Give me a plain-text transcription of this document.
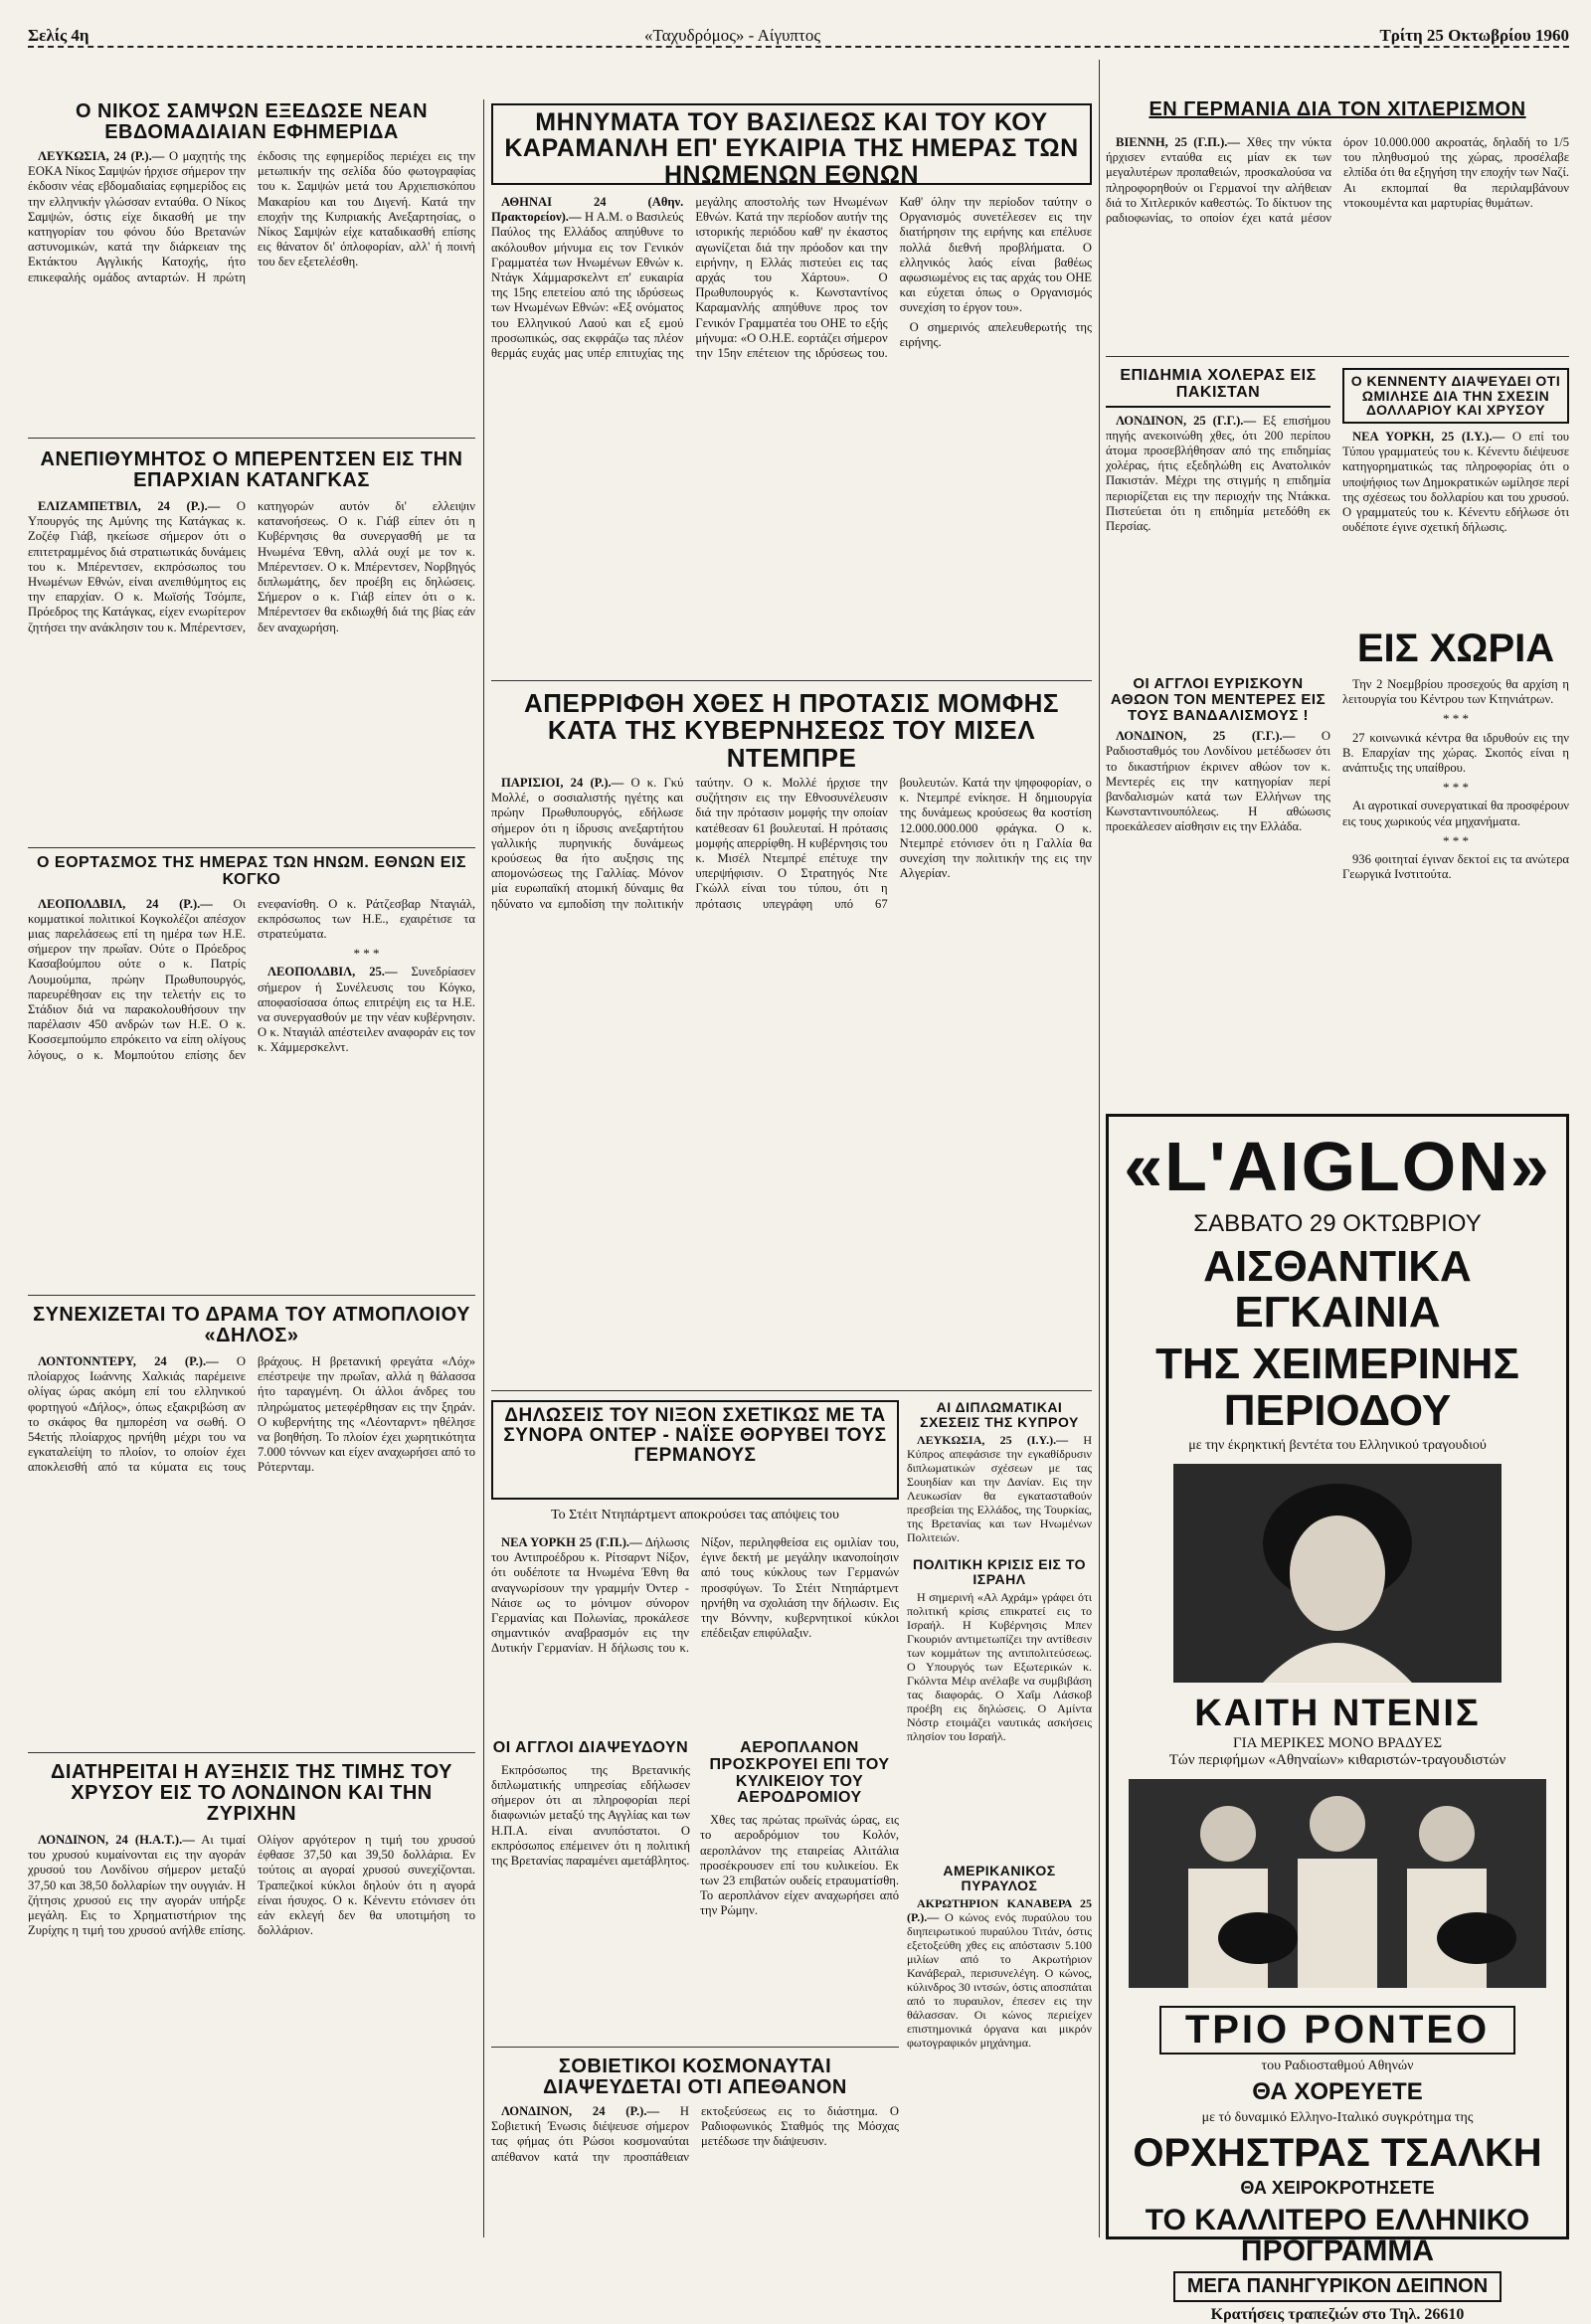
Σελίς 4η	«Ταχυδρόμος» - Αίγυπτος	Τρίτη 25 Οκτωβρίου 1960
Ο ΝΙΚΟΣ ΣΑΜΨΩΝ ΕΞΕΔΩΣΕ ΝΕΑΝ ΕΒΔΟΜΑΔΙΑΙΑΝ ΕΦΗΜΕΡΙΔΑ

ΛΕΥΚΩΣΙΑ, 24 (Ρ.).— Ο μαχητής της ΕΟΚΑ Νίκος Σαμψών ήρχισε σήμερον την έκδοσιν νέας εβδομαδιαίας εφημερίδος εις την ελληνικήν γλώσσαν ενταύθα. Ο Νίκος Σαμψών, όστις είχε δικασθή με την κατηγορίαν του φόνου δύο Βρετανών αστυνομικών, κατά την διάρκειαν της Εκτάκτου Αγγλικής Κατοχής, ήτο επικεφαλής ομάδος ανταρτών. Η πρώτη έκδοσις της εφημερίδος περιέχει εις την μετωπικήν της σελίδα δύο φωτογραφίας του κ. Σαμψών μετά του Αρχιεπισκόπου Μακαρίου και του Διγενή. Κατά την εποχήν της Κυπριακής Ανεξαρτησίας, ο Νίκος Σαμψών είχε καταδικασθή επίσης εις θάνατον δι' όπλοφορίαν, αλλ' ή ποινή του δεν εξετελέσθη.

ΑΝΕΠΙΘΥΜΗΤΟΣ Ο ΜΠΕΡΕΝΤΣΕΝ ΕΙΣ ΤΗΝ ΕΠΑΡΧΙΑΝ ΚΑΤΑΝΓΚΑΣ

ΕΛΙΖΑΜΠΕΤΒΙΛ, 24 (Ρ.).— Ο Υπουργός της Αμύνης της Κατάγκας κ. Ζοζέφ Γιάβ, ηκείωσε σήμερον ότι ο επιτετραμμένος διά στρατιωτικάς δυνάμεις του κ. Μπέρεντσεν, εκπρόσωπος του Ηνωμένων Εθνών, είναι ανεπιθύμητος εις την επαρχίαν. Ο κ. Μωϊσής Τσόμπε, Πρόεδρος της Κατάγκας, είχεν ενωρίτερον ζητήσει την ανάκλησιν του κ. Μπέρεντσεν, κατηγορών αυτόν δι' ελλειψιν κατανοήσεως. Ο κ. Γιάβ είπεν ότι η Κυβέρνησις θα συνεργασθή με τα Ηνωμένα Έθνη, αλλά ουχί με τον κ. Μπέρεντσεν. Ο κ. Μπέρεντσεν, Νορβηγός διπλωμάτης, δεν προέβη εις δηλώσεις. Σήμερον ο κ. Γιάβ είπεν ότι ο κ. Μπέρεντσεν θα εκδιωχθή διά της βίας εάν δεν αναχωρήση.

Ο ΕΟΡΤΑΣΜΟΣ ΤΗΣ ΗΜΕΡΑΣ ΤΩΝ ΗΝΩΜ. ΕΘΝΩΝ ΕΙΣ ΚΟΓΚΟ

ΛΕΟΠΟΛΔΒΙΛ, 24 (Ρ.).— Οι κομματικοί πολιτικοί Κογκολέζοι απέσχον μιας παρελάσεως επί τη ημέρα των Η.Ε. σήμερον την πρωΐαν. Ούτε ο Πρόεδρος Κασαβούμπου ούτε ο κ. Πατρίς Λουμούμπα, πρώην Πρωθυπουργός, παρευρέθησαν εις την τελετήν εις το Στάδιον διά να παρακολουθήσουν την παρέλασιν 450 ανδρών των Η.Ε. Ο κ. Κοσσεμπούμπο επρόκειτο να είπη ολίγους λόγους, ο κ. Μομπούτου επίσης δεν ενεφανίσθη. Ο κ. Ράτζεσβαρ Νταγιάλ, εκπρόσωπος των Η.Ε., εχαιρέτισε τα στρατεύματα.

* * *

ΛΕΟΠΟΛΔΒΙΛ, 25.— Συνεδρίασεν σήμερον ή Συνέλευσις του Κόγκο, αποφασίσασα όπως επιτρέψη εις τα Η.Ε. να συνεργασθούν με την νέαν κυβέρνησιν. Ο κ. Νταγιάλ απέστειλεν αναφοράν εις τον κ. Χάμμερσκελντ.

ΣΥΝΕΧΙΖΕΤΑΙ ΤΟ ΔΡΑΜΑ ΤΟΥ ΑΤΜΟΠΛΟΙΟΥ «ΔΗΛΟΣ»

ΛΟΝΤΟΝΝΤΕΡΥ, 24 (Ρ.).— Ο πλοίαρχος Ιωάννης Χαλκιάς παρέμεινε ολίγας ώρας ακόμη επί του ελληνικού φορτηγού «Δήλος», όπως εξακριβώση αν το σκάφος θα ημπορέση να σωθή. Ο 54ετής πλοίαρχος ηρνήθη μέχρι του να εγκαταλείψη το πλοίον, το οποίον έχει αποκλεισθή από τα κύματα εις τους βράχους. Η βρετανική φρεγάτα «Λόχ» επέστρεψε την πρωΐαν, αλλά η θάλασσα ήτο ταραγμένη. Οι άλλοι άνδρες του πληρώματος μετεφέρθησαν εις την ξηράν. Ο κυβερνήτης της «Λέονταρντ» ηθέλησε να βοηθήση. Το πλοίον έχει χωρητικότητα 7.000 τόννων και είχεν αναχωρήσει από το Ρότερνταμ.

ΔΙΑΤΗΡΕΙΤΑΙ Η ΑΥΞΗΣΙΣ ΤΗΣ ΤΙΜΗΣ ΤΟΥ ΧΡΥΣΟΥ ΕΙΣ ΤΟ ΛΟΝΔΙΝΟΝ ΚΑΙ ΤΗΝ ΖΥΡΙΧΗΝ

ΛΟΝΔΙΝΟΝ, 24 (Η.Α.Τ.).— Αι τιμαί του χρυσού κυμαίνονται εις την αγοράν χρυσού του Λονδίνου σήμερον μεταξύ 37,50 και 38,50 δολλαρίων την ουγγιάν. Η ζήτησις χρυσού εις την αγοράν υπήρξε μεγάλη. Εις το Χρηματιστήριον της Ζυρίχης η τιμή του χρυσού ανήλθε επίσης. Ολίγον αργότερον η τιμή του χρυσού έφθασε 37,50 και 39,50 δολλάρια. Εν τούτοις αι αγοραί χρυσού συνεχίζονται. Τραπεζικοί κύκλοι δηλούν ότι η αγορά είναι ήσυχος. Ο κ. Κένεντυ ετόνισεν ότι εάν εκλεγή δεν θα υποτιμήση το δολλάριον.

ΜΗΝΥΜΑΤΑ ΤΟΥ ΒΑΣΙΛΕΩΣ ΚΑΙ ΤΟΥ ΚΟΥ ΚΑΡΑΜΑΝΛΗ ΕΠ' ΕΥΚΑΙΡΙΑ ΤΗΣ ΗΜΕΡΑΣ ΤΩΝ ΗΝΩΜΕΝΩΝ ΕΘΝΩΝ

ΑΘΗΝΑΙ 24 (Αθην. Πρακτορείον).— Η Α.Μ. ο Βασιλεύς Παύλος της Ελλάδος απηύθυνε το ακόλουθον μήνυμα εις τον Γενικόν Γραμματέα των Ηνωμένων Εθνών κ. Ντάγκ Χάμμαρσκελντ επ' ευκαιρία της 15ης επετείου από της ιδρύσεως των Ηνωμένων Εθνών: «Εξ ονόματος του Ελληνικού Λαού και εξ εμού προσωπικώς, σας εκφράζω τας πλέον θερμάς ευχάς μας υπέρ επιτυχίας της μεγάλης αποστολής των Ηνωμένων Εθνών. Κατά την περίοδον αυτήν της ιστορικής περιόδου καθ' ην έκαστος αγωνίζεται διά την πρόοδον και την ειρήνην, η Ελλάς πιστεύει εις τας αρχάς του Χάρτου». Ο Πρωθυπουργός κ. Κωνσταντίνος Καραμανλής απηύθυνε προς τον Γενικόν Γραμματέα του ΟΗΕ το εξής μήνυμα: «Ο Ο.Η.Ε. εορτάζει σήμερον την 15ην επέτειον της ιδρύσεως του. Καθ' όλην την περίοδον ταύτην ο Οργανισμός συνετέλεσεν εις την διατήρησιν της ειρήνης και επέλυσε πολλά διεθνή προβλήματα. Ο ελληνικός λαός είναι βαθέως αφωσιωμένος εις τας αρχάς του ΟΗΕ και εύχεται όπως ο Οργανισμός συνεχίση το έργον του».

Ο σημερινός απελευθερωτής της ειρήνης.

ΑΠΕΡΡΙΦΘΗ ΧΘΕΣ Η ΠΡΟΤΑΣΙΣ ΜΟΜΦΗΣ ΚΑΤΑ ΤΗΣ ΚΥΒΕΡΝΗΣΕΩΣ ΤΟΥ ΜΙΣΕΛ ΝΤΕΜΠΡΕ

ΠΑΡΙΣΙΟΙ, 24 (Ρ.).— Ο κ. Γκύ Μολλέ, ο σοσιαλιστής ηγέτης και πρώην Πρωθυπουργός, εδήλωσε σήμερον ότι η ίδρυσις ανεξαρτήτου γαλλικής πυρηνικής δυνάμεως κρούσεως θα ήτο αυξησις της απομονώσεως της Γαλλίας. Μόνον μία ευρωπαϊκή ατομική δύναμις θα ηδύνατο να εμποδίση την πολιτικήν ταύτην. Ο κ. Μολλέ ήρχισε την συζήτησιν εις την Εθνοσυνέλευσιν διά την πρότασιν μομφής την οποίαν κατέθεσαν 61 βουλευταί. Η πρότασις μομφής απερρίφθη. Η κυβέρνησις του κ. Μισέλ Ντεμπρέ επέτυχε την υπερψήφισιν. Ο Στρατηγός Ντε Γκώλλ είναι του τύπου, ότι η πρότασις υπεγράφη υπό 67 βουλευτών. Κατά την ψηφοφορίαν, ο κ. Ντεμπρέ ενίκησε. Η δημιουργία της δυνάμεως κρούσεως θα κοστίση 12.000.000.000 φράγκα. Ο κ. Ντεμπρέ ετόνισεν ότι η Γαλλία θα συνεχίση την πολιτικήν της εις την Αλγερίαν.

ΔΗΛΩΣΕΙΣ ΤΟΥ ΝΙΞΟΝ ΣΧΕΤΙΚΩΣ ΜΕ ΤΑ ΣΥΝΟΡΑ ΟΝΤΕΡ - ΝΑΪΣΕ ΘΟΡΥΒΕΙ ΤΟΥΣ ΓΕΡΜΑΝΟΥΣ
Το Στέιτ Ντηπάρτμεντ αποκρούσει τας απόψεις του

ΝΕΑ ΥΟΡΚΗ 25 (Γ.Π.).— Δήλωσις του Αντιπροέδρου κ. Ρίτσαρντ Νίξον, ότι ουδέποτε τα Ηνωμένα Έθνη θα αναγνωρίσουν την γραμμήν Όντερ - Νάισε ως το μόνιμον σύνορον Γερμανίας και Πολωνίας, προκάλεσε σημαντικόν αναβρασμόν εις την Δυτικήν Γερμανίαν. Η δήλωσις του κ. Νίξον, περιληφθείσα εις ομιλίαν του, έγινε δεκτή με μεγάλην ικανοποίησιν από τους κύκλους των Γερμανών προσφύγων. Το Στέιτ Ντηπάρτμεντ ηρνήθη να σχολιάση την δήλωσιν. Εις την Βόννην, κυβερνητικοί κύκλοι επέδειξαν επιφύλαξιν.

ΟΙ ΑΓΓΛΟΙ ΔΙΑΨΕΥΔΟΥΝ

Εκπρόσωπος της Βρετανικής διπλωματικής υπηρεσίας εδήλωσεν σήμερον ότι αι πληροφορίαι περί διαφωνιών μεταξύ της Αγγλίας και των Η.Π.Α. είναι ανυπόστατοι. Ο εκπρόσωπος επέμεινεν ότι η πολιτική της Βρετανίας παραμένει αμετάβλητος.

ΑΕΡΟΠΛΑΝΟΝ ΠΡΟΣΚΡΟΥΕΙ ΕΠΙ ΤΟΥ ΚΥΛΙΚΕΙΟΥ ΤΟΥ ΑΕΡΟΔΡΟΜΙΟΥ

Χθες τας πρώτας πρωϊνάς ώρας, εις το αεροδρόμιον του Κολόν, αεροπλάνον της εταιρείας Αλιτάλια προσέκρουσεν επί του κυλικείου. Εκ των 23 επιβατών ουδείς ετραυματίσθη. Το αεροπλάνον είχεν αναχωρήσει από την Ρώμην.

ΣΟΒΙΕΤΙΚΟΙ ΚΟΣΜΟΝΑΥΤΑΙ ΔΙΑΨΕΥΔΕΤΑΙ ΟΤΙ ΑΠΕΘΑΝΟΝ

ΛΟΝΔΙΝΟΝ, 24 (Ρ.).— Η Σοβιετική Ένωσις διέψευσε σήμερον τας φήμας ότι Ρώσοι κοσμοναύται απέθανον κατά την προσπάθειαν εκτοξεύσεως εις το διάστημα. Ο Ραδιοφωνικός Σταθμός της Μόσχας μετέδωσε την διάψευσιν.

ΑΙ ΔΙΠΛΩΜΑΤΙΚΑΙ ΣΧΕΣΕΙΣ ΤΗΣ ΚΥΠΡΟΥ

ΛΕΥΚΩΣΙΑ, 25 (Ι.Υ.).— Η Κύπρος απεφάσισε την εγκαθίδρυσιν διπλωματικών σχέσεων με τας Σουηδίαν και την Δανίαν. Εις την Λευκωσίαν θα εγκατασταθούν πρεσβείαι της Ελλάδος, της Τουρκίας, της Βρετανίας και των Ηνωμένων Πολιτειών.

ΠΟΛΙΤΙΚΗ ΚΡΙΣΙΣ ΕΙΣ ΤΟ ΙΣΡΑΗΛ

Η σημερινή «Αλ Αχράμ» γράφει ότι πολιτική κρίσις επικρατεί εις το Ισραήλ. Η Κυβέρνησις Μπεν Γκουριόν αντιμετωπίζει την αντίθεσιν των κομμάτων της αντιπολιτεύσεως. Ο Υπουργός των Εξωτερικών κ. Γκόλντα Μέιρ ανέλαβε να συμβιβάση τας διαφοράς. Ο Χαΐμ Λάσκοβ προέβη εις δηλώσεις. Ο Αμίντα Νόστρ ετοιμάζει ναυτικάς ασκήσεις πλησίον του Ισραήλ.

ΑΜΕΡΙΚΑΝΙΚΟΣ ΠΥΡΑΥΛΟΣ

ΑΚΡΩΤΗΡΙΟΝ ΚΑΝΑΒΕΡΑ 25 (Ρ.).— Ο κώνος ενός πυραύλου του διηπειρωτικού πυραύλου Τιτάν, όστις εξετοξεύθη χθες εις απόστασιν 5.100 μιλίων από το Ακρωτήριον Κανάβεραλ, περισυνελέγη. Ο κώνος, κύλινδρος 30 ιντσών, όστις αποσπάται από το πυραυλον, έπεσεν εις την θάλασσαν. Οι κώνος περιείχεν επιστημονικά όργανα και μικρόν φωτογραφικόν μηχάνημα.

ΕΝ ΓΕΡΜΑΝΙΑ ΔΙΑ ΤΟΝ ΧΙΤΛΕΡΙΣΜΟΝ

ΒΙΕΝΝΗ, 25 (Γ.Π.).— Χθες την νύκτα ήρχισεν ενταύθα εις μίαν εκ των μεγαλυτέρων προπαθειών, προσκαλούσα να πληροφορηθούν οι Γερμανοί την αλήθειαν διά το Χιτλερικόν καθεστώς. Το δίκτυον της ραδιοφωνίας, το οποίον έχει κατά μέσον όρον 10.000.000 ακροατάς, δηλαδή το 1/5 του πληθυσμού της χώρας, προσέλαβε ελπίδα ότι θα εξηγήση την εποχήν των Ναζί. Αι εκπομπαί θα περιλαμβάνουν ντοκουμέντα και μαρτυρίας θυμάτων.

ΕΠΙΔΗΜΙΑ ΧΟΛΕΡΑΣ ΕΙΣ ΠΑΚΙΣΤΑΝ

ΛΟΝΔΙΝΟΝ, 25 (Γ.Γ.).— Εξ επισήμου πηγής ανεκοινώθη χθες, ότι 200 περίπου άτομα προσεβλήθησαν από της επιδημίας χολέρας, ήτις εξεδηλώθη εις Ανατολικόν Πακιστάν. Μέχρι της στιγμής η επιδημία περιορίζεται εις την περιοχήν της Ντάκκα. Πιστεύεται ότι η επιδημία μετεδόθη εκ Περσίας.

Ο ΚΕΝΝΕΝΤΥ ΔΙΑΨΕΥΔΕΙ ΟΤΙ ΩΜΙΛΗΣΕ ΔΙΑ ΤΗΝ ΣΧΕΣΙΝ ΔΟΛΛΑΡΙΟΥ ΚΑΙ ΧΡΥΣΟΥ

ΝΕΑ ΥΟΡΚΗ, 25 (Ι.Υ.).— Ο επί του Τύπου γραμματεύς του κ. Κένεντυ διέψευσε κατηγορηματικώς τας πληροφορίας ότι ο υποψήφιος των Δημοκρατικών ωμίλησε περί της σχέσεως του δολλαρίου και του χρυσού. Ο γραμματεύς του κ. Κένεντυ εδήλωσε ότι ουδέποτε έγινε σχετική δήλωσις.

ΟΙ ΑΓΓΛΟΙ ΕΥΡΙΣΚΟΥΝ ΑΘΩΟΝ ΤΟΝ ΜΕΝΤΕΡΕΣ ΕΙΣ ΤΟΥΣ ΒΑΝΔΑΛΙΣΜΟΥΣ !

ΛΟΝΔΙΝΟΝ, 25 (Γ.Γ.).— Ο Ραδιοσταθμός του Λονδίνου μετέδωσεν ότι το δικαστήριον έκρινεν αθώον τον κ. Μεντερές εις την κατηγορίαν περί βανδαλισμών κατά των Ελλήνων της Κωνσταντινουπόλεως. Η αθώωσις προεκάλεσεν αίσθησιν εις την Ελλάδα.

ΕΙΣ ΧΩΡΙΑ

Την 2 Νοεμβρίου προσεχούς θα αρχίση η λειτουργία του Κέντρου των Κτηνιάτρων.

* * *

27 κοινωνικά κέντρα θα ιδρυθούν εις την Β. Επαρχίαν της χώρας. Σκοπός είναι η ανάπτυξις της υπαίθρου.

* * *

Αι αγροτικαί συνεργατικαί θα προσφέρουν εις τους χωρικούς νέα μηχανήματα.

* * *

936 φοιτηταί έγιναν δεκτοί εις τα ανώτερα Γεωργικά Ινστιτούτα.

«L'AIGLON»
ΣΑΒΒΑΤΟ 29 ΟΚΤΩΒΡΙΟΥ
ΑΙΣΘΑΝΤΙΚΑ ΕΓΚΑΙΝΙΑ
ΤΗΣ ΧΕΙΜΕΡΙΝΗΣ ΠΕΡΙΟΔΟΥ
με την έκρηκτική βεντέτα του Ελληνικού τραγουδιού
ΚΑΙΤΗ ΝΤΕΝΙΣ
ΓΙΑ ΜΕΡΙΚΕΣ ΜΟΝΟ ΒΡΑΔΥΕΣ
Τών περιφήμων «Αθηναίων» κιθαριστών-τραγουδιστών
ΤΡΙΟ ΡΟΝΤΕΟ
του Ραδιοσταθμού Αθηνών
ΘΑ ΧΟΡΕΥΕΤΕ
με τό δυναμικό Ελληνο-Ιταλικό συγκρότημα της
ΟΡΧΗΣΤΡΑΣ ΤΣΑΛΚΗ
ΘΑ ΧΕΙΡΟΚΡΟΤΗΣΕΤΕ
ΤΟ ΚΑΛΛΙΤΕΡΟ ΕΛΛΗΝΙΚΟ ΠΡΟΓΡΑΜΜΑ
ΜΕΓΑ ΠΑΝΗΓΥΡΙΚΟΝ ΔΕΙΠΝΟΝ
Κρατήσεις τραπεζιών στο Τηλ. 26610
